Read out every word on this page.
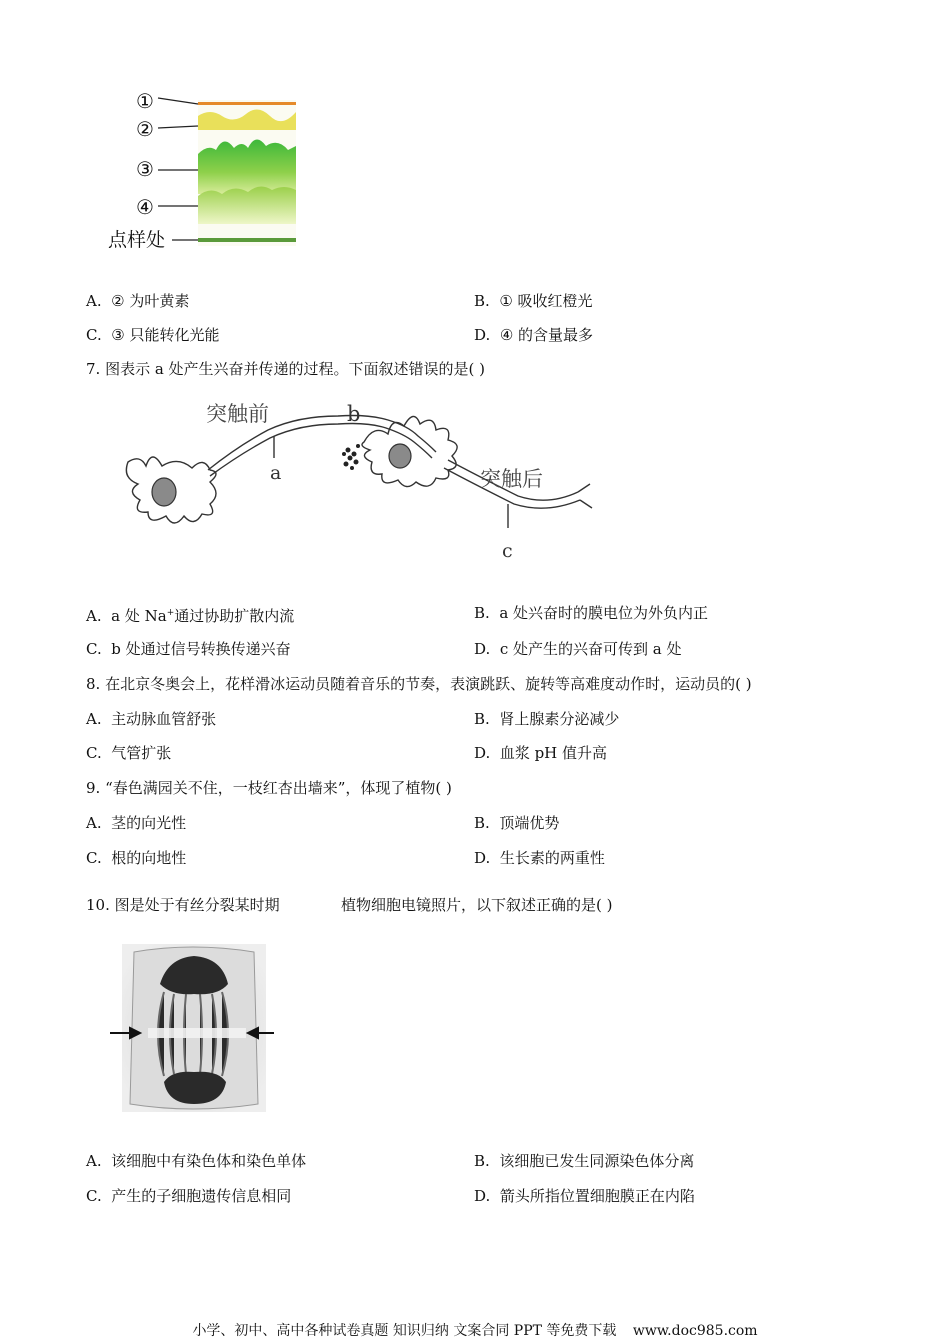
①
②
③
④
点样处
A. ② 为叶黄素	B. ① 吸收红橙光
C. ③ 只能转化光能	D. ④ 的含量最多
7. 图表示 a 处产生兴奋并传递的过程。下面叙述错误的是( )
突触前	b
a	突触后
c
A. a 处 Na+通过协助扩散内流	B. a 处兴奋时的膜电位为外负内正
C. b 处通过信号转换传递兴奋	D. c 处产生的兴奋可传到 a 处
8. 在北京冬奥会上，花样滑冰运动员随着音乐的节奏，表演跳跃、旋转等高难度动作时，运动员的( )
A. 主动脉血管舒张	B. 肾上腺素分泌减少
C. 气管扩张	D. 血浆 pH 值升高
9. “春色满园关不住，一枝红杏出墙来”，体现了植物( )
A. 茎的向光性	B. 顶端优势
C. 根的向地性	D. 生长素的两重性
10. 图是处于有丝分裂某时期	植物细胞电镜照片，以下叙述正确的是( )
A. 该细胞中有染色体和染色单体	B. 该细胞已发生同源染色体分离
C. 产生的子细胞遗传信息相同	D. 箭头所指位置细胞膜正在内陷
小学、初中、高中各种试卷真题 知识归纳 文案合同 PPT 等免费下载 www.doc985.com
